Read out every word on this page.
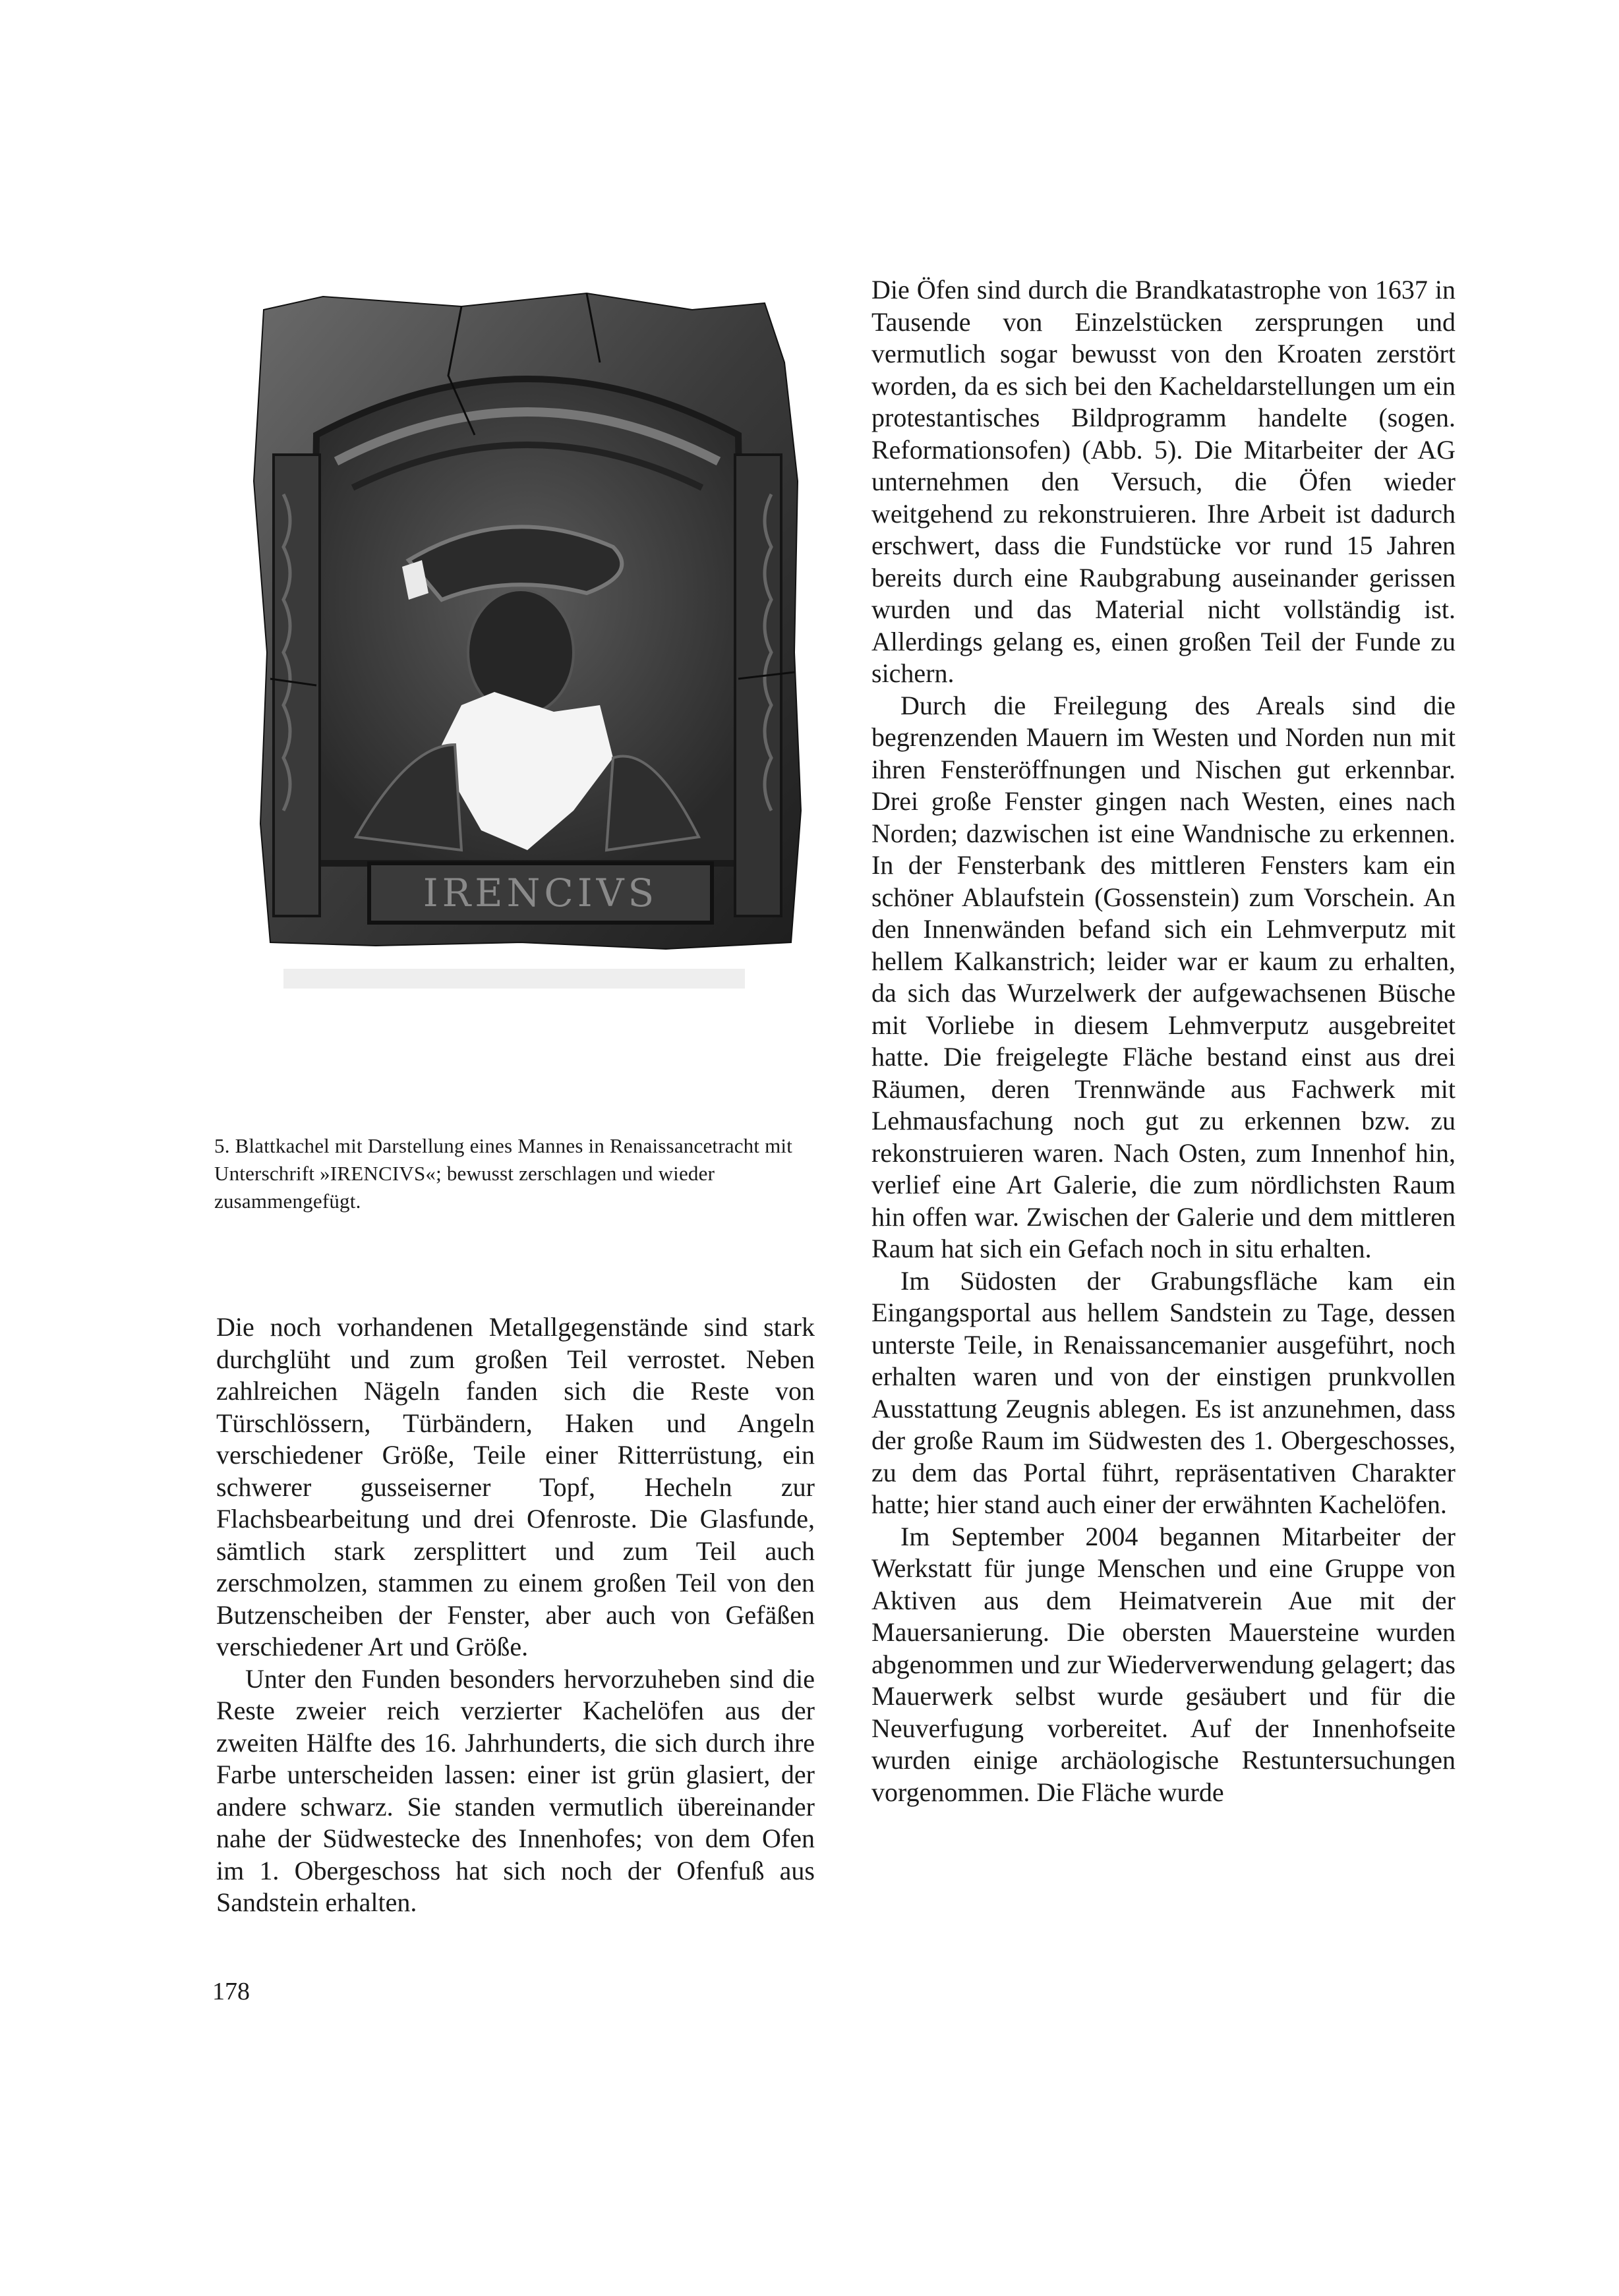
IRENCIVS

5. Blattkachel mit Darstellung eines Mannes in Renaissancetracht mit Unterschrift »IRENCIVS«; bewusst zerschlagen und wieder zusammengefügt.

Die noch vorhandenen Metallgegenstände sind stark durchglüht und zum großen Teil verrostet. Neben zahlreichen Nägeln fanden sich die Reste von Türschlössern, Türbändern, Haken und Angeln verschiedener Größe, Teile einer Ritterrüstung, ein schwerer gusseiserner Topf, Hecheln zur Flachsbearbeitung und drei Ofenroste. Die Glasfunde, sämtlich stark zersplittert und zum Teil auch zerschmolzen, stammen zu einem großen Teil von den Butzenscheiben der Fenster, aber auch von Gefäßen verschiedener Art und Größe.

Unter den Funden besonders hervorzuheben sind die Reste zweier reich verzierter Kachelöfen aus der zweiten Hälfte des 16. Jahrhunderts, die sich durch ihre Farbe unterscheiden lassen: einer ist grün glasiert, der andere schwarz. Sie standen vermutlich übereinander nahe der Südwestecke des Innenhofes; von dem Ofen im 1. Obergeschoss hat sich noch der Ofenfuß aus Sandstein erhalten.

Die Öfen sind durch die Brandkatastrophe von 1637 in Tausende von Einzelstücken zersprungen und vermutlich sogar bewusst von den Kroaten zerstört worden, da es sich bei den Kacheldarstellungen um ein protestantisches Bildprogramm handelte (sogen. Reformationsofen) (Abb. 5). Die Mitarbeiter der AG unternehmen den Versuch, die Öfen wieder weitgehend zu rekonstruieren. Ihre Arbeit ist dadurch erschwert, dass die Fundstücke vor rund 15 Jahren bereits durch eine Raubgrabung auseinander gerissen wurden und das Material nicht vollständig ist. Allerdings gelang es, einen großen Teil der Funde zu sichern.

Durch die Freilegung des Areals sind die begrenzenden Mauern im Westen und Norden nun mit ihren Fensteröffnungen und Nischen gut erkennbar. Drei große Fenster gingen nach Westen, eines nach Norden; dazwischen ist eine Wandnische zu erkennen. In der Fensterbank des mittleren Fensters kam ein schöner Ablaufstein (Gossenstein) zum Vorschein. An den Innenwänden befand sich ein Lehmverputz mit hellem Kalkanstrich; leider war er kaum zu erhalten, da sich das Wurzelwerk der aufgewachsenen Büsche mit Vorliebe in diesem Lehmverputz ausgebreitet hatte. Die freigelegte Fläche bestand einst aus drei Räumen, deren Trennwände aus Fachwerk mit Lehmausfachung noch gut zu erkennen bzw. zu rekonstruieren waren. Nach Osten, zum Innenhof hin, verlief eine Art Galerie, die zum nördlichsten Raum hin offen war. Zwischen der Galerie und dem mittleren Raum hat sich ein Gefach noch in situ erhalten.

Im Südosten der Grabungsfläche kam ein Eingangsportal aus hellem Sandstein zu Tage, dessen unterste Teile, in Renaissancemanier ausgeführt, noch erhalten waren und von der einstigen prunkvollen Ausstattung Zeugnis ablegen. Es ist anzunehmen, dass der große Raum im Südwesten des 1. Obergeschosses, zu dem das Portal führt, repräsentativen Charakter hatte; hier stand auch einer der erwähnten Kachelöfen.

Im September 2004 begannen Mitarbeiter der Werkstatt für junge Menschen und eine Gruppe von Aktiven aus dem Heimatverein Aue mit der Mauersanierung. Die obersten Mauersteine wurden abgenommen und zur Wiederverwendung gelagert; das Mauerwerk selbst wurde gesäubert und für die Neuverfugung vorbereitet. Auf der Innenhofseite wurden einige archäologische Restuntersuchungen vorgenommen. Die Fläche wurde

178
